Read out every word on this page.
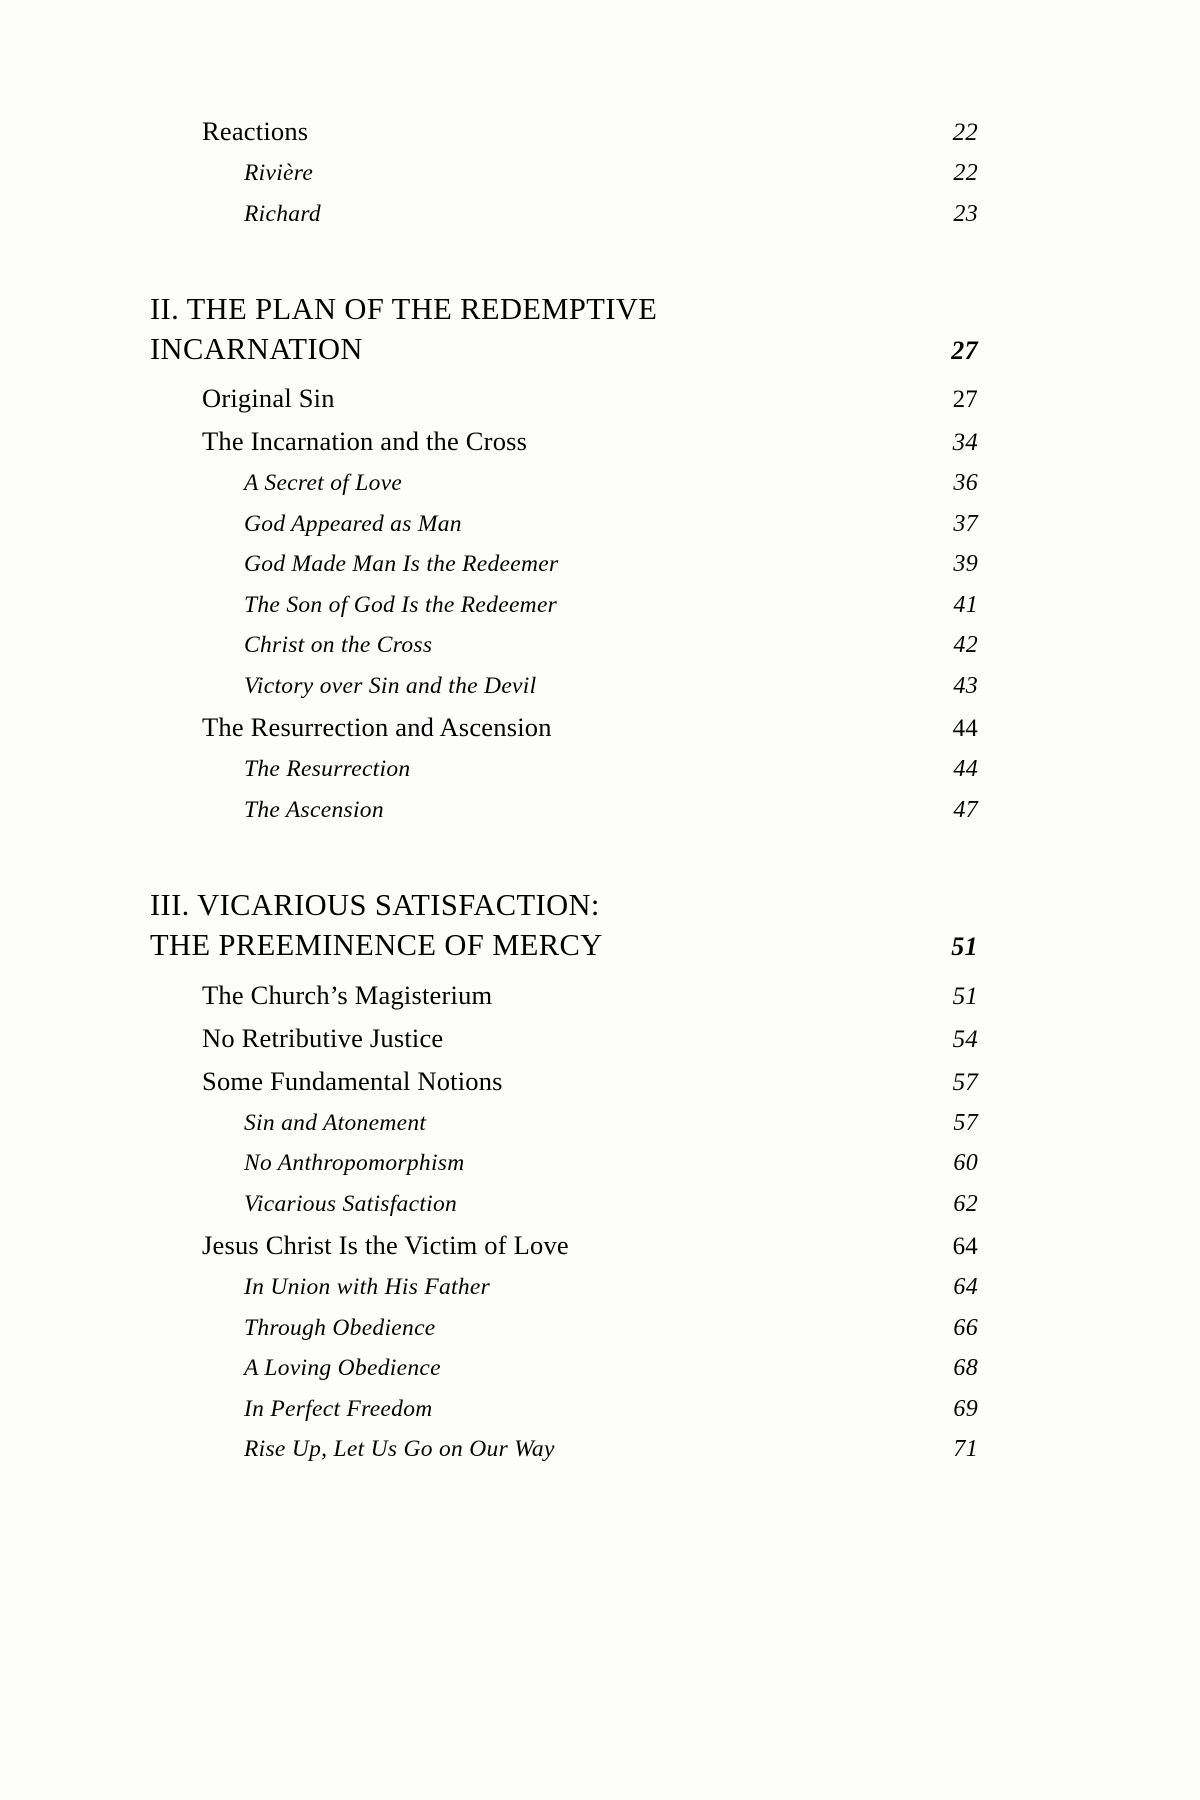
Reactions	22
Rivière	22
Richard	23
II. THE PLAN OF THE REDEMPTIVE
INCARNATION	27
Original Sin	27
The Incarnation and the Cross	34
A Secret of Love	36
God Appeared as Man	37
God Made Man Is the Redeemer	39
The Son of God Is the Redeemer	41
Christ on the Cross	42
Victory over Sin and the Devil	43
The Resurrection and Ascension	44
The Resurrection	44
The Ascension	47
III. VICARIOUS SATISFACTION:
THE PREEMINENCE OF MERCY	51
The Church’s Magisterium	51
No Retributive Justice	54
Some Fundamental Notions	57
Sin and Atonement	57
No Anthropomorphism	60
Vicarious Satisfaction	62
Jesus Christ Is the Victim of Love	64
In Union with His Father	64
Through Obedience	66
A Loving Obedience	68
In Perfect Freedom	69
Rise Up, Let Us Go on Our Way	71
